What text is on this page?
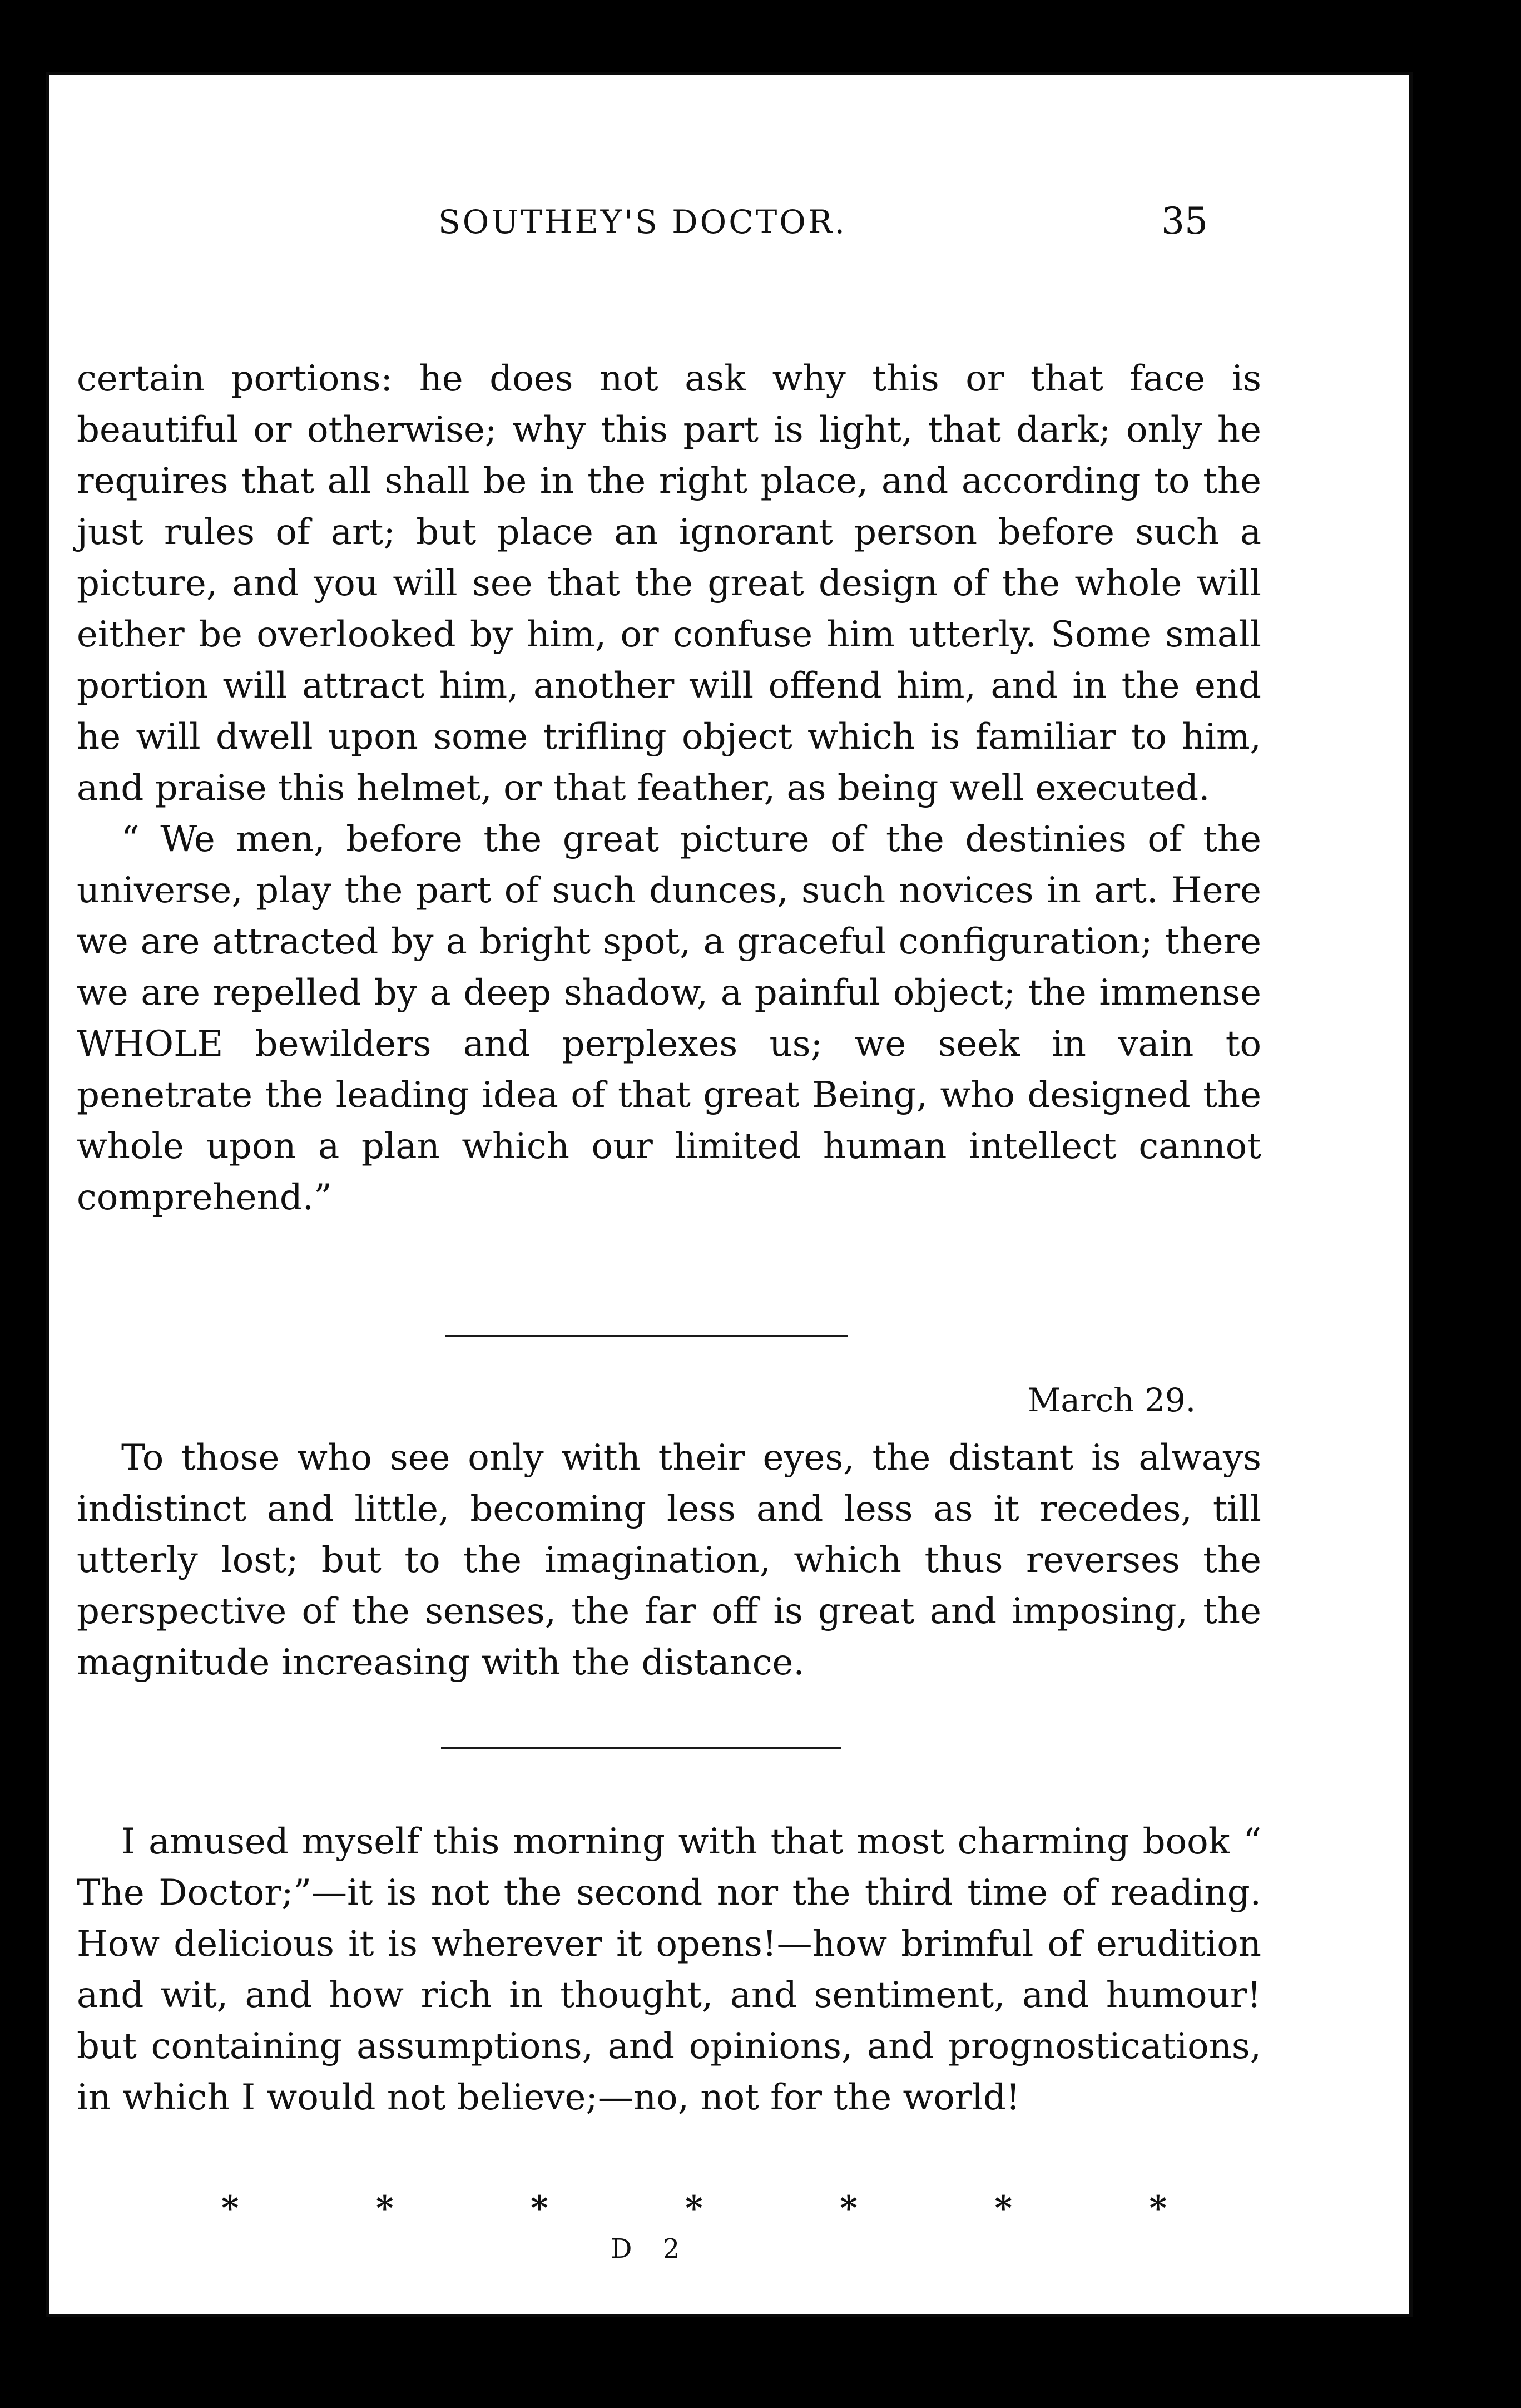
SOUTHEY'S DOCTOR.	35

certain portions: he does not ask why this or that face is beautiful or otherwise; why this part is light, that dark; only he requires that all shall be in the right place, and according to the just rules of art; but place an ignorant person before such a picture, and you will see that the great design of the whole will either be overlooked by him, or confuse him utterly. Some small portion will attract him, another will offend him, and in the end he will dwell upon some trifling object which is familiar to him, and praise this helmet, or that feather, as being well executed.

“ We men, before the great picture of the destinies of the universe, play the part of such dunces, such novices in art. Here we are attracted by a bright spot, a graceful configuration; there we are repelled by a deep shadow, a painful object; the immense WHOLE bewilders and perplexes us; we seek in vain to penetrate the leading idea of that great Being, who designed the whole upon a plan which our limited human intellect cannot comprehend.”

March 29.

To those who see only with their eyes, the distant is always indistinct and little, becoming less and less as it recedes, till utterly lost; but to the imagination, which thus reverses the perspective of the senses, the far off is great and imposing, the magnitude increasing with the distance.

I amused myself this morning with that most charming book “ The Doctor;”—it is not the second nor the third time of reading. How delicious it is wherever it opens!—how brimful of erudition and wit, and how rich in thought, and sentiment, and humour! but containing assumptions, and opinions, and prognostications, in which I would not believe;—no, not for the world!

*	*	*	*	*	*	*
D 2
